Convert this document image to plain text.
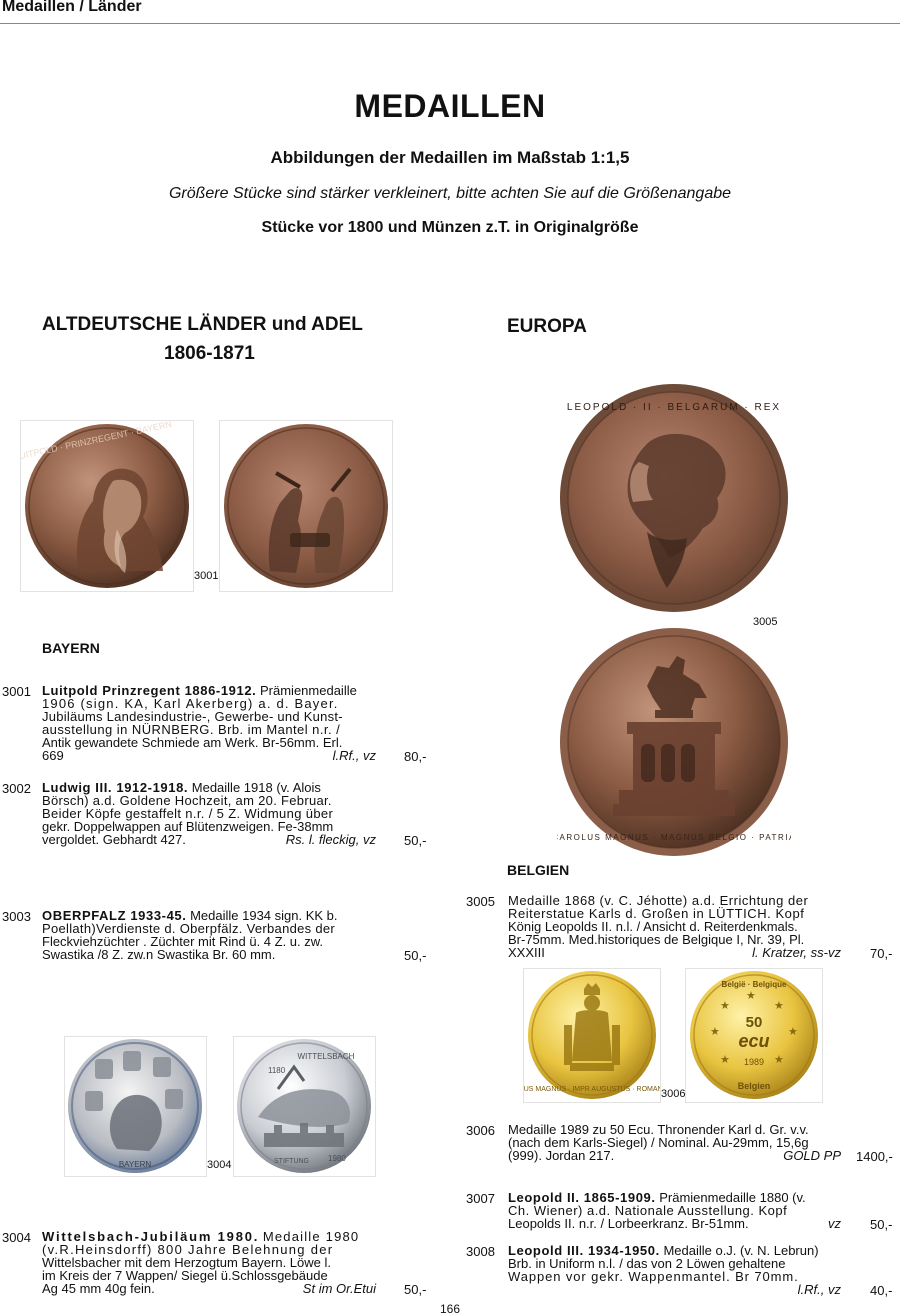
Medaillen / Länder
MEDAILLEN
Abbildungen der Medaillen im Maßstab 1:1,5
Größere Stücke sind stärker verkleinert, bitte achten Sie auf die Größenangabe
Stücke vor 1800 und Münzen z.T. in Originalgröße
ALTDEUTSCHE LÄNDER und ADEL
1806-1871
EUROPA
LUITPOLD · PRINZREGENT · BAYERN
3001
BAYERN
3001 Luitpold Prinzregent 1886-1912. Prämienmedaille
1906 (sign. KA, Karl Akerberg) a. d. Bayer.
Jubiläums Landesindustrie-, Gewerbe- und Kunst-
ausstellung in NÜRNBERG. Brb. im Mantel n.r. /
Antik gewandete Schmiede am Werk. Br-56mm. Erl.
669	l.Rf., vz 80,-
3002 Ludwig III. 1912-1918. Medaille 1918 (v. Alois
Börsch) a.d. Goldene Hochzeit, am 20. Februar.
Beider Köpfe gestaffelt n.r. / 5 Z. Widmung über
gekr. Doppelwappen auf Blütenzweigen. Fe-38mm
vergoldet. Gebhardt 427.	Rs. l. fleckig, vz 50,-
3003 OBERPFALZ 1933-45. Medaille 1934 sign. KK b.
Poellath)Verdienste d. Oberpfälz. Verbandes der
Fleckviehzüchter . Züchter mit Rind ü. 4 Z. u. zw.
Swastika /8 Z. zw.n Swastika Br. 60 mm.	50,-
BAYERN
WITTELSBACH
1180
STIFTUNG 1980
3004
3004 Wittelsbach-Jubiläum 1980. Medaille 1980
(v.R.Heinsdorff) 800 Jahre Belehnung der
Wittelsbacher mit dem Herzogtum Bayern. Löwe l.
im Kreis der 7 Wappen/ Siegel ü.Schlossgebäude
Ag 45 mm 40g fein.	St im Or.Etui 50,-
LEOPOLD · II · BELGARUM · REX
3005
CAROLUS MAGNUS · MAGNUS BELGIO · PATRIA
BELGIEN
3005 Medaille 1868 (v. C. Jéhotte) a.d. Errichtung der
Reiterstatue Karls d. Großen in LÜTTICH. Kopf
König Leopolds II. n.l. / Ansicht d. Reiterdenkmals.
Br-75mm. Med.historiques de Belgique I, Nr. 39, Pl.
XXXIII	l. Kratzer, ss-vz 70,-
US MAGNUS · IMPR AUGUSTUS · ROMA 3006
★
★
★
★	★
★	★
België · Belgique
50
ecu
1989
Belgien
3006 Medaille 1989 zu 50 Ecu. Thronender Karl d. Gr. v.v.
(nach dem Karls-Siegel) / Nominal. Au-29mm, 15,6g
(999). Jordan 217.	GOLD PP 1400,-
3007 Leopold II. 1865-1909. Prämienmedaille 1880 (v.
Ch. Wiener) a.d. Nationale Ausstellung. Kopf
Leopolds II. n.r. / Lorbeerkranz. Br-51mm.	vz 50,-
3008 Leopold III. 1934-1950. Medaille o.J. (v. N. Lebrun)
Brb. in Uniform n.l. / das von 2 Löwen gehaltene
Wappen vor gekr. Wappenmantel. Br 70mm.
l.Rf., vz 40,-
166
